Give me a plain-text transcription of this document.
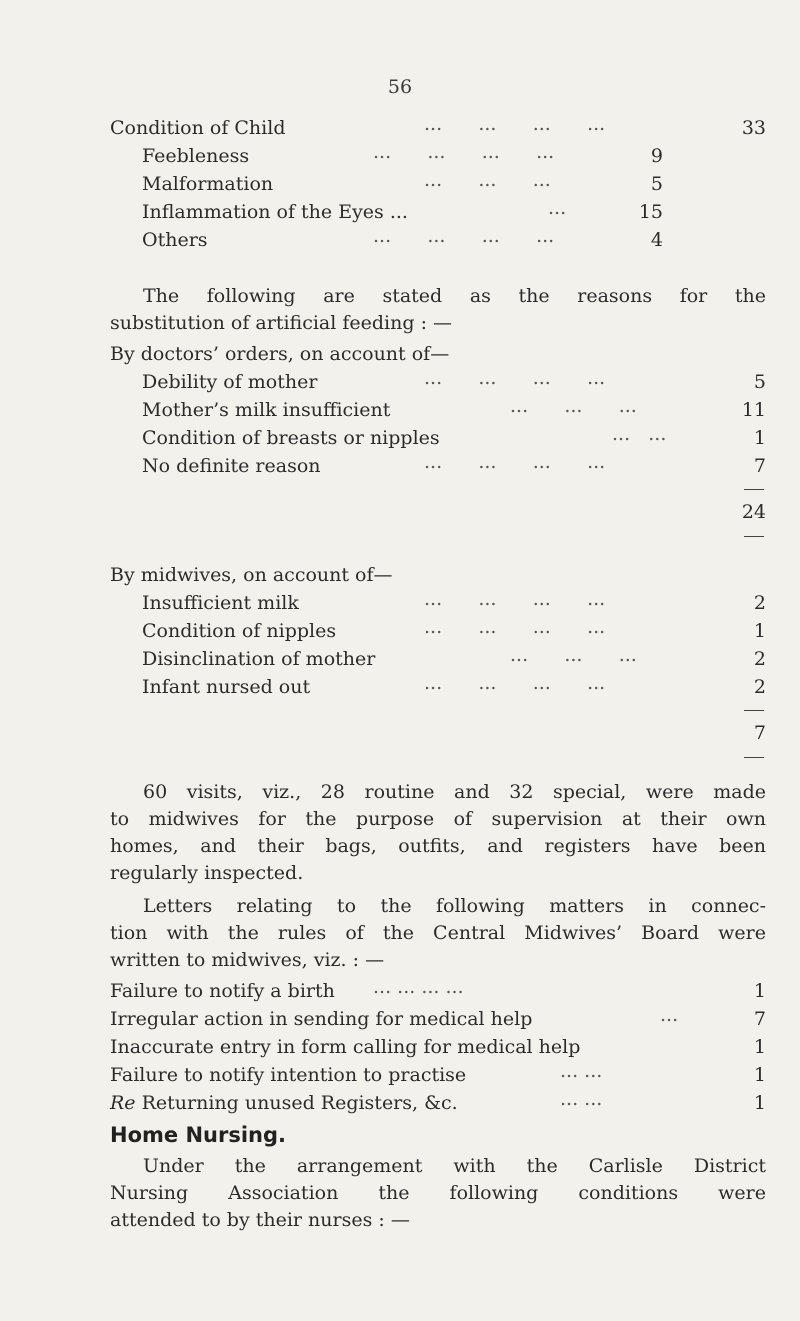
56
Condition of Child	...      ...      ...      ...	33
Feebleness	...      ...      ...      ...	9
Malformation	...      ...      ...	5
Inflammation of the Eyes ...	...	15
Others	...      ...      ...      ...	4
The following are stated as the reasons for the
substitution of artificial feeding : —
By doctors’ orders, on account of—
Debility of mother	...      ...      ...      ...	5
Mother’s milk insufficient	...      ...      ...	11
Condition of breasts or nipples	...   ...	1
No definite reason	...      ...      ...      ...	7
24
By midwives, on account of—
Insufficient milk	...      ...      ...      ...	2
Condition of nipples	...      ...      ...      ...	1
Disinclination of mother	...      ...      ...	2
Infant nursed out	...      ...      ...      ...	2
7
60 visits, viz., 28 routine and 32 special, were made
to midwives for the purpose of supervision at their own
homes, and their bags, outfits, and registers have been
regularly inspected.
Letters relating to the following matters in connec-
tion with the rules of the Central Midwives’ Board were
written to midwives, viz. : —
Failure to notify a birth ... ... ... ...	1
Irregular action in sending for medical help	...	7
Inaccurate entry in form calling for medical help	1
Failure to notify intention to practise	... ...	1
Re Returning unused Registers, &c.	... ...	1
Home Nursing.
Under the arrangement with the Carlisle District
Nursing Association the following conditions were
attended to by their nurses : —
